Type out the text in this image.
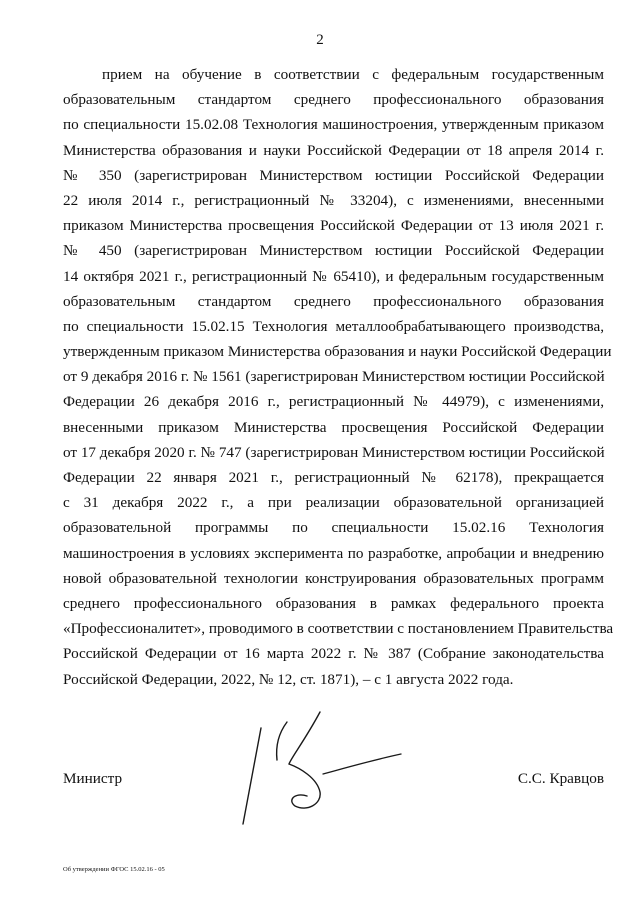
2
прием на обучение в соответствии с федеральным государственным
образовательным стандартом среднего профессионального образования
по специальности 15.02.08 Технология машиностроения, утвержденным приказом
Министерства образования и науки Российской Федерации от 18 апреля 2014 г.
№ 350 (зарегистрирован Министерством юстиции Российской Федерации
22 июля 2014 г., регистрационный № 33204), с изменениями, внесенными
приказом Министерства просвещения Российской Федерации от 13 июля 2021 г.
№ 450 (зарегистрирован Министерством юстиции Российской Федерации
14 октября 2021 г., регистрационный № 65410), и федеральным государственным
образовательным стандартом среднего профессионального образования
по специальности 15.02.15 Технология металлообрабатывающего производства,
утвержденным приказом Министерства образования и науки Российской Федерации
от 9 декабря 2016 г. № 1561 (зарегистрирован Министерством юстиции Российской
Федерации 26 декабря 2016 г., регистрационный № 44979), с изменениями,
внесенными приказом Министерства просвещения Российской Федерации
от 17 декабря 2020 г. № 747 (зарегистрирован Министерством юстиции Российской
Федерации 22 января 2021 г., регистрационный № 62178), прекращается
с 31 декабря 2022 г., а при реализации образовательной организацией
образовательной программы по специальности 15.02.16 Технология
машиностроения в условиях эксперимента по разработке, апробации и внедрению
новой образовательной технологии конструирования образовательных программ
среднего профессионального образования в рамках федерального проекта
«Профессионалитет», проводимого в соответствии с постановлением Правительства
Российской Федерации от 16 марта 2022 г. № 387 (Собрание законодательства
Российской Федерации, 2022, № 12, ст. 1871), – с 1 августа 2022 года.
Министр	С.С. Кравцов
Об утверждении ФГОС 15.02.16 - 05
